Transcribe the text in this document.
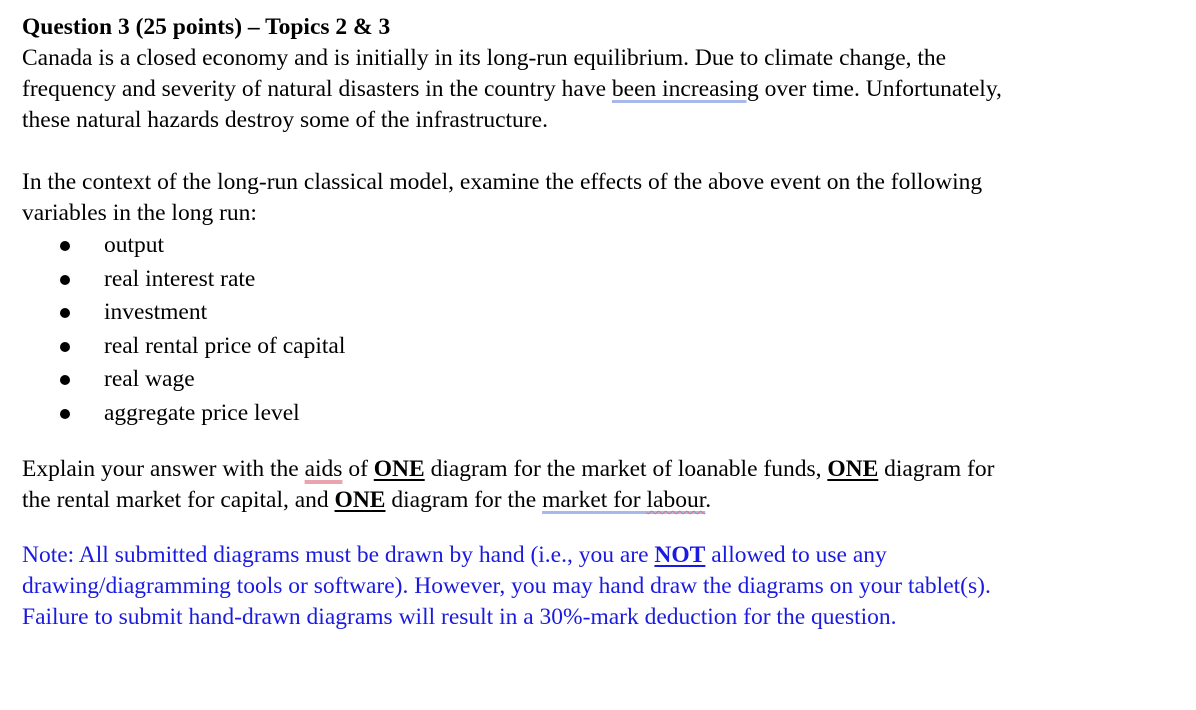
Question 3 (25 points) – Topics 2 & 3

Canada is a closed economy and is initially in its long-run equilibrium. Due to climate change, the
frequency and severity of natural disasters in the country have been increasing over time. Unfortunately,
these natural hazards destroy some of the infrastructure.
In the context of the long-run classical model, examine the effects of the above event on the following
variables in the long run:
output
real interest rate
investment
real rental price of capital
real wage
aggregate price level
Explain your answer with the aids of ONE diagram for the market of loanable funds, ONE diagram for
the rental market for capital, and ONE diagram for the market for labour.
Note: All submitted diagrams must be drawn by hand (i.e., you are NOT allowed to use any
drawing/diagramming tools or software). However, you may hand draw the diagrams on your tablet(s).
Failure to submit hand-drawn diagrams will result in a 30%-mark deduction for the question.
